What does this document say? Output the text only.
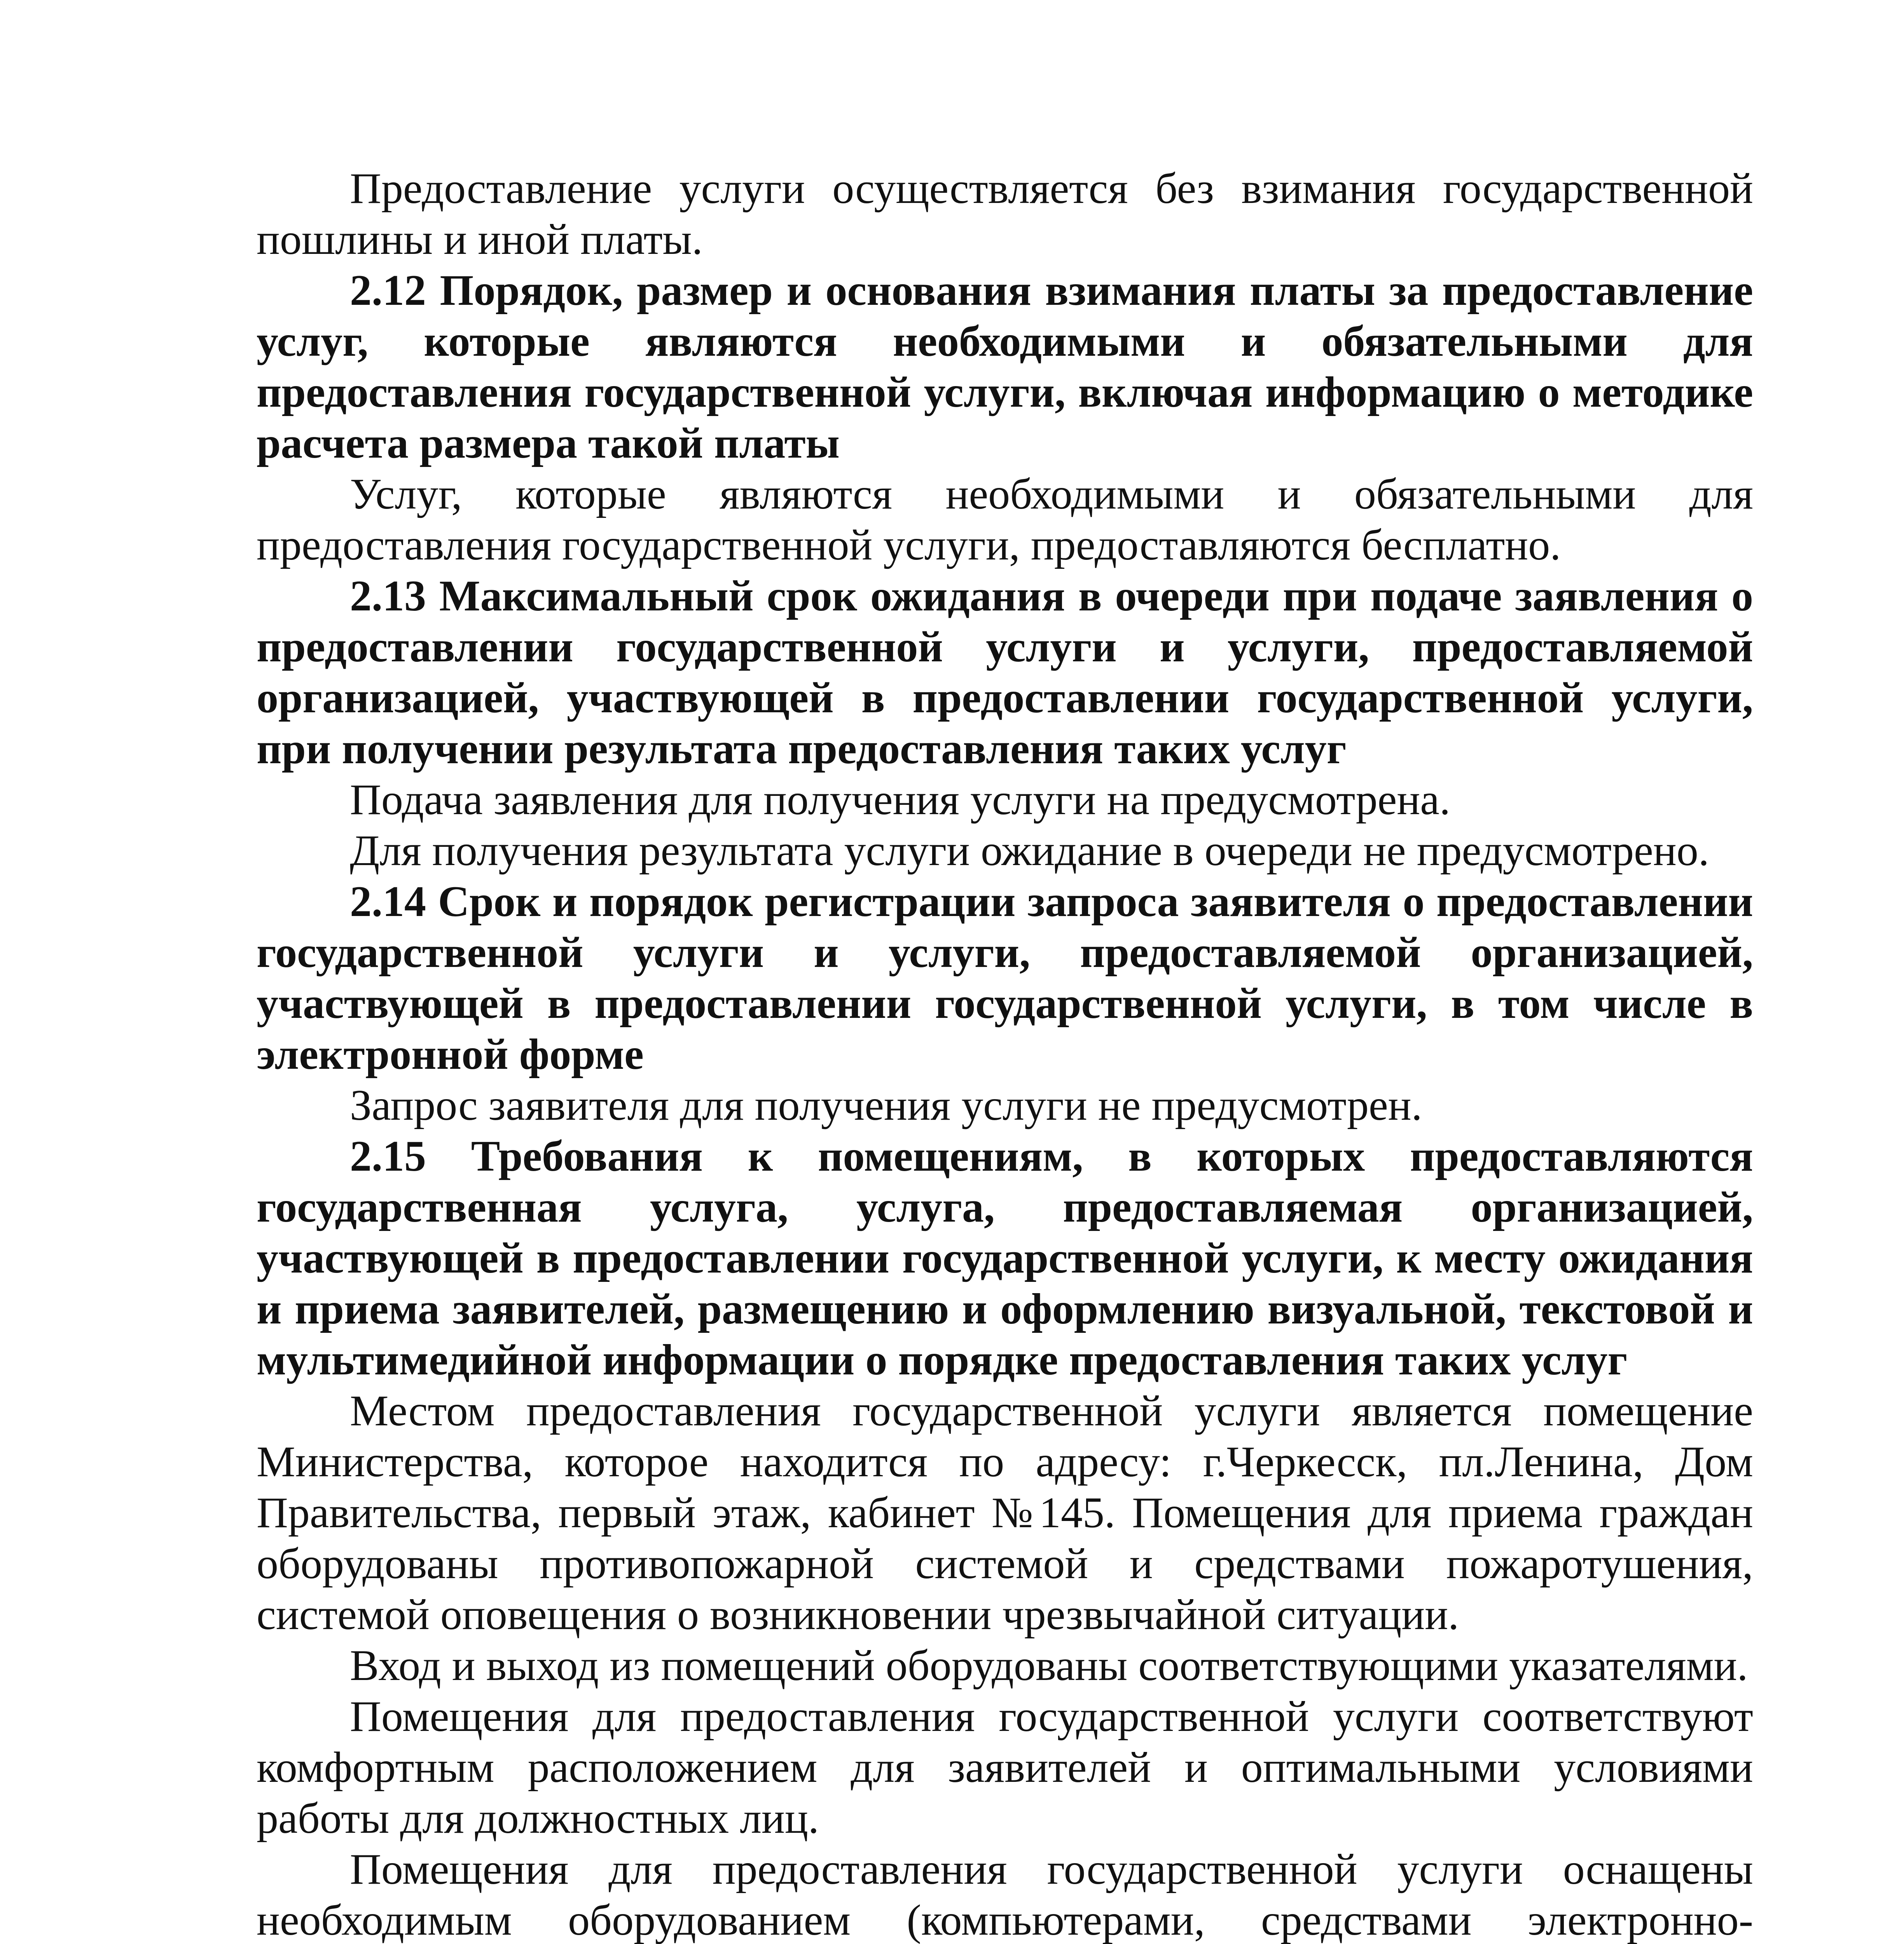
Предоставление услуги осуществляется без взимания государственной пошлины и иной платы.

2.12 Порядок, размер и основания взимания платы за предоставление услуг, которые являются необходимыми и обязательными для предоставления государственной услуги, включая информацию о методике расчета размера такой платы

Услуг, которые являются необходимыми и обязательными для предоставления государственной услуги, предоставляются бесплатно.

2.13 Максимальный срок ожидания в очереди при подаче заявления о предоставлении государственной услуги и услуги, предоставляемой организацией, участвующей в предоставлении государственной услуги, при получении результата предоставления таких услуг

Подача заявления для получения услуги на предусмотрена.

Для получения результата услуги ожидание в очереди не предусмотрено.

2.14 Срок и порядок регистрации запроса заявителя о предоставлении государственной услуги и услуги, предоставляемой организацией, участвующей в предоставлении государственной услуги, в том числе в электронной форме

Запрос заявителя для получения услуги не предусмотрен.

2.15 Требования к помещениям, в которых предоставляются государственная услуга, услуга, предоставляемая организацией, участвующей в предоставлении государственной услуги, к месту ожидания и приема заявителей, размещению и оформлению визуальной, текстовой и мультимедийной информации о порядке предоставления таких услуг

Местом предоставления государственной услуги является помещение Министерства, которое находится по адресу: г.Черкесск, пл.Ленина, Дом Правительства, первый этаж, кабинет №145. Помещения для приема граждан оборудованы противопожарной системой и средствами пожаротушения, системой оповещения о возникновении чрезвычайной ситуации.

Вход и выход из помещений оборудованы соответствующими указателями.

Помещения для предоставления государственной услуги соответствуют комфортным расположением для заявителей и оптимальными условиями работы для должностных лиц.

Помещения для предоставления государственной услуги оснащены необходимым оборудованием (компьютерами, средствами электронно-
